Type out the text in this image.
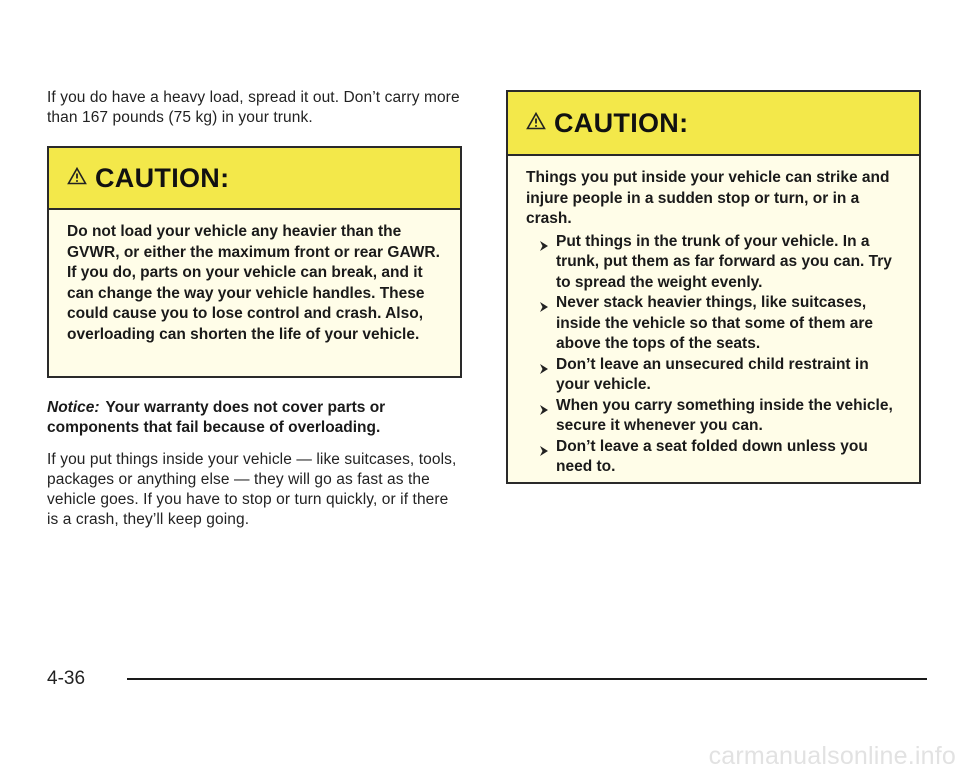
If you do have a heavy load, spread it out. Don’t carry more than 167 pounds (75 kg) in your trunk.

CAUTION:
Do not load your vehicle any heavier than the GVWR, or either the maximum front or rear GAWR. If you do, parts on your vehicle can break, and it can change the way your vehicle handles. These could cause you to lose control and crash. Also, overloading can shorten the life of your vehicle.

Notice: Your warranty does not cover parts or components that fail because of overloading.

If you put things inside your vehicle — like suitcases, tools, packages or anything else — they will go as fast as the vehicle goes. If you have to stop or turn quickly, or if there is a crash, they’ll keep going.

CAUTION:
Things you put inside your vehicle can strike and injure people in a sudden stop or turn, or in a crash.
Put things in the trunk of your vehicle. In a trunk, put them as far forward as you can. Try to spread the weight evenly.
Never stack heavier things, like suitcases, inside the vehicle so that some of them are above the tops of the seats.
Don’t leave an unsecured child restraint in your vehicle.
When you carry something inside the vehicle, secure it whenever you can.
Don’t leave a seat folded down unless you need to.
4-36
carmanualsonline.info
